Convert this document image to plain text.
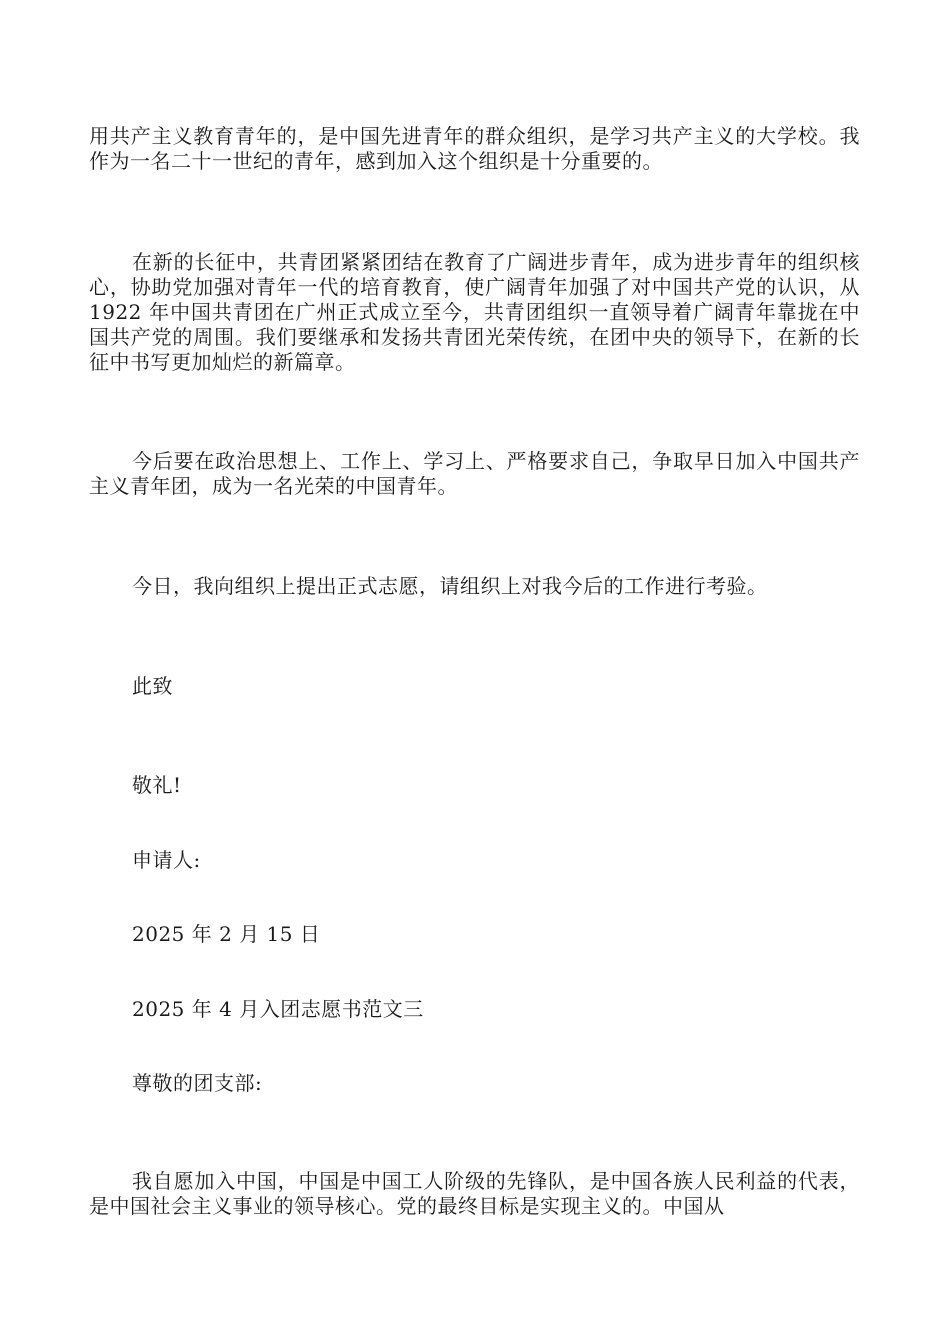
用共产主义教育青年的，是中国先进青年的群众组织，是学习共产主义的大学校。我作为一名二十一世纪的青年，感到加入这个组织是十分重要的。

在新的长征中，共青团紧紧团结在教育了广阔进步青年，成为进步青年的组织核心，协助党加强对青年一代的培育教育，使广阔青年加强了对中国共产党的认识，从 1922 年中国共青团在广州正式成立至今，共青团组织一直领导着广阔青年靠拢在中国共产党的周围。我们要继承和发扬共青团光荣传统，在团中央的领导下，在新的长征中书写更加灿烂的新篇章。

今后要在政治思想上、工作上、学习上、严格要求自己，争取早日加入中国共产主义青年团，成为一名光荣的中国青年。

今日，我向组织上提出正式志愿，请组织上对我今后的工作进行考验。

此致

敬礼!

申请人:

2025 年 2 月 15 日

2025 年 4 月入团志愿书范文三

尊敬的团支部:

我自愿加入中国，中国是中国工人阶级的先锋队，是中国各族人民利益的代表，是中国社会主义事业的领导核心。党的最终目标是实现主义的。中国从
